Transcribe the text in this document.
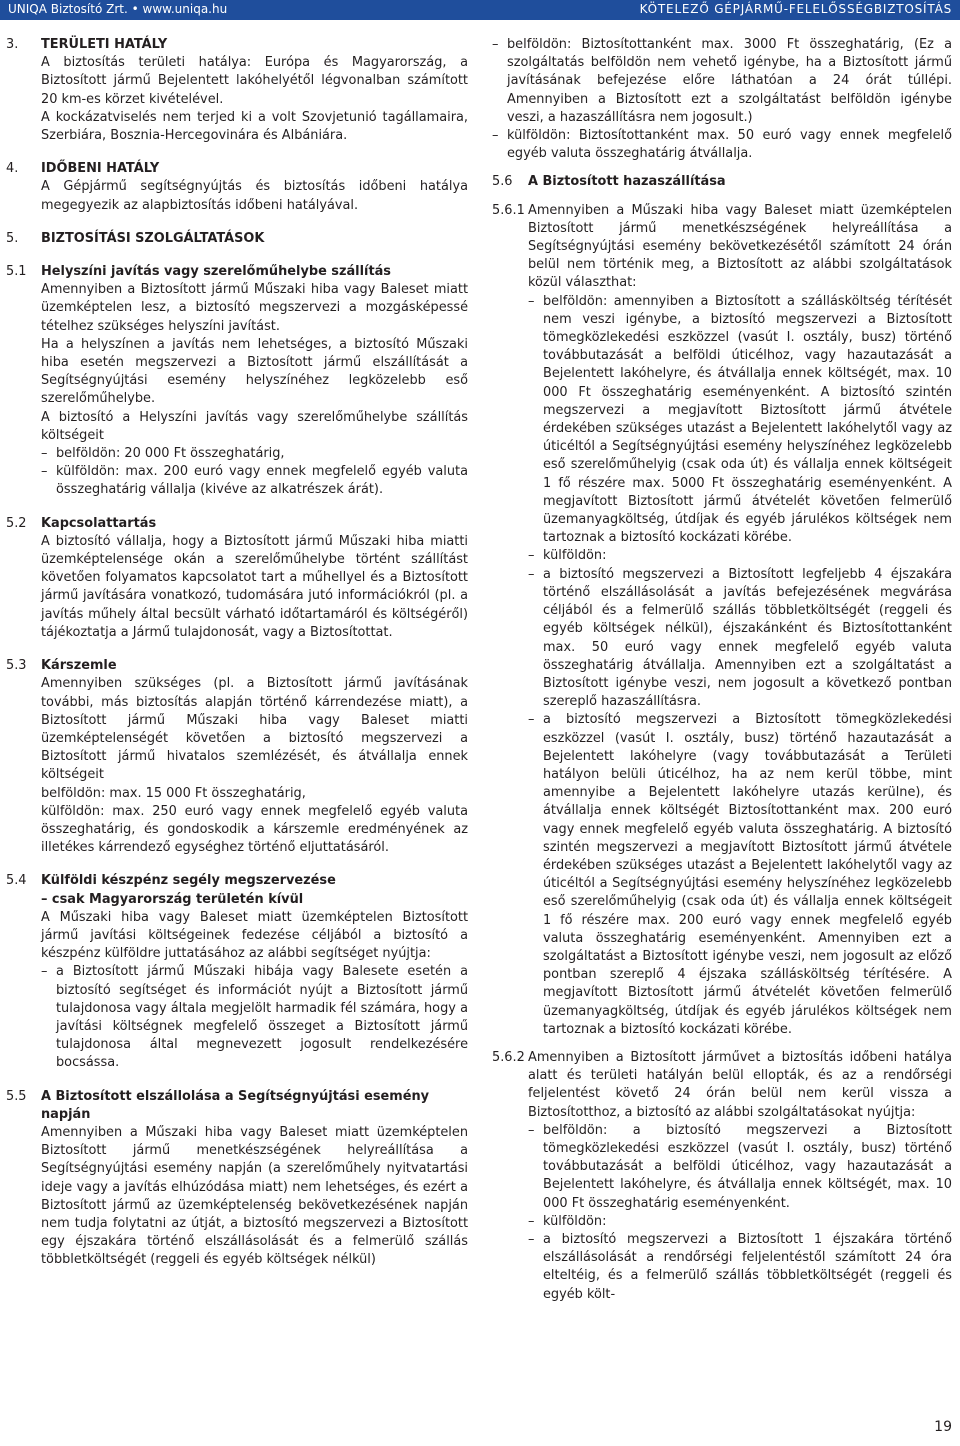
UNIQA Biztosító Zrt. • www.uniqa.hu	KÖTELEZŐ GÉPJÁRMŰ-FELELŐSSÉGBIZTOSÍTÁS
3. TERÜLETI HATÁLY
A biztosítás területi hatálya: Európa és Magyarország, a Biztosított jármű Bejelentett lakóhelyétől légvonalban számított 20 km-es körzet kivételével.
A kockázatviselés nem terjed ki a volt Szovjetunió tagállamaira, Szerbiára, Bosznia-Hercegovinára és Albániára.
4. IDŐBENI HATÁLY
A Gépjármű segítségnyújtás és biztosítás időbeni hatálya megegyezik az alapbiztosítás időbeni hatályával.
5. BIZTOSÍTÁSI SZOLGÁLTATÁSOK
5.1 Helyszíni javítás vagy szerelőműhelybe szállítás
Amennyiben a Biztosított jármű Műszaki hiba vagy Baleset miatt üzemképtelen lesz, a biztosító megszervezi a mozgásképessé tételhez szükséges helyszíni javítást.
Ha a helyszínen a javítás nem lehetséges, a biztosító Műszaki hiba esetén megszervezi a Biztosított jármű elszállítását a Segítségnyújtási esemény helyszínéhez legközelebb eső szerelőműhelybe.
A biztosító a Helyszíni javítás vagy szerelőműhelybe szállítás költségeit
– belföldön: 20 000 Ft összeghatárig,
– külföldön: max. 200 euró vagy ennek megfelelő egyéb valuta összeghatárig vállalja (kivéve az alkatrészek árát).
5.2 Kapcsolattartás
A biztosító vállalja, hogy a Biztosított jármű Műszaki hiba miatti üzemképtelensége okán a szerelőműhelybe történt szállítást követően folyamatos kapcsolatot tart a műhellyel és a Biztosított jármű javítására vonatkozó, tudomására jutó információkról (pl. a javítás műhely által becsült várható időtartamáról és költségéről) tájékoztatja a Jármű tulajdonosát, vagy a Biztosítottat.
5.3 Kárszemle
Amennyiben szükséges (pl. a Biztosított jármű javításának további, más biztosítás alapján történő kárrendezése miatt), a Biztosított jármű Műszaki hiba vagy Baleset miatti üzemképtelenségét követően a biztosító megszervezi a Biztosított jármű hivatalos szemlézését, és átvállalja ennek költségeit
belföldön: max. 15 000 Ft összeghatárig,
külföldön: max. 250 euró vagy ennek megfelelő egyéb valuta összeghatárig, és gondoskodik a kárszemle eredményének az illetékes kárrendező egységhez történő eljuttatásáról.
5.4 Külföldi készpénz segély megszervezése
– csak Magyarország területén kívül
A Műszaki hiba vagy Baleset miatt üzemképtelen Biztosított jármű javítási költségeinek fedezése céljából a biztosító a készpénz külföldre juttatásához az alábbi segítséget nyújtja:
– a Biztosított jármű Műszaki hibája vagy Balesete esetén a biztosító segítséget és információt nyújt a Biztosított jármű tulajdonosa vagy általa megjelölt harmadik fél számára, hogy a javítási költségnek megfelelő összeget a Biztosított jármű tulajdonosa által megnevezett jogosult rendelkezésére bocsássa.
5.5 A Biztosított elszállolása a Segítségnyújtási esemény napján
Amennyiben a Műszaki hiba vagy Baleset miatt üzemképtelen Biztosított jármű menetkészségének helyreállítása a Segítségnyújtási esemény napján (a szerelőműhely nyitvatartási ideje vagy a javítás elhúzódása miatt) nem lehetséges, és ezért a Biztosított jármű az üzemképtelenség bekövetkezésének napján nem tudja folytatni az útját, a biztosító megszervezi a Biztosított egy éjszakára történő elszállásolását és a felmerülő szállás többletköltségét (reggeli és egyéb költségek nélkül)
– belföldön: Biztosítottanként max. 3000 Ft összeghatárig, (Ez a szolgáltatás belföldön nem vehető igénybe, ha a Biztosított jármű javításának befejezése előre láthatóan a 24 órát túllépi. Amennyiben a Biztosított ezt a szolgáltatást belföldön igénybe veszi, a hazaszállításra nem jogosult.)
– külföldön: Biztosítottanként max. 50 euró vagy ennek megfelelő egyéb valuta összeghatárig átvállalja.
5.6 A Biztosított hazaszállítása
5.6.1 Amennyiben a Műszaki hiba vagy Baleset miatt üzemképtelen Biztosított jármű menetkészségének helyreállítása a Segítségnyújtási esemény bekövetkezésétől számított 24 órán belül nem történik meg, a Biztosított az alábbi szolgáltatások közül választhat:
– belföldön: amennyiben a Biztosított a szállásköltség térítését nem veszi igénybe, a biztosító megszervezi a Biztosított tömegközlekedési eszközzel (vasút I. osztály, busz) történő továbbutazását a belföldi úticélhoz, vagy hazautazását a Bejelentett lakóhelyre, és átvállalja ennek költségét, max. 10 000 Ft összeghatárig eseményenként. A biztosító szintén megszervezi a megjavított Biztosított jármű átvétele érdekében szükséges utazást a Bejelentett lakóhelytől vagy az úticéltól a Segítségnyújtási esemény helyszínéhez legközelebb eső szerelőműhelyig (csak oda út) és vállalja ennek költségeit 1 fő részére max. 5000 Ft összeghatárig eseményenként. A megjavított Biztosított jármű átvételét követően felmerülő üzemanyagköltség, útdíjak és egyéb járulékos költségek nem tartoznak a biztosító kockázati körébe.
– külföldön:
– a biztosító megszervezi a Biztosított legfeljebb 4 éjszakára történő elszállásolását a javítás befejezésének megvárása céljából és a felmerülő szállás többletköltségét (reggeli és egyéb költségek nélkül), éjszakánként és Biztosítottanként max. 50 euró vagy ennek megfelelő egyéb valuta összeghatárig átvállalja. Amennyiben ezt a szolgáltatást a Biztosított igénybe veszi, nem jogosult a következő pontban szereplő hazaszállításra.
– a biztosító megszervezi a Biztosított tömegközlekedési eszközzel (vasút I. osztály, busz) történő hazautazását a Bejelentett lakóhelyre (vagy továbbutazását a Területi hatályon belüli úticélhoz, ha az nem kerül többe, mint amennyibe a Bejelentett lakóhelyre utazás kerülne), és átvállalja ennek költségét Biztosítottanként max. 200 euró vagy ennek megfelelő egyéb valuta összeghatárig. A biztosító szintén megszervezi a megjavított Biztosított jármű átvétele érdekében szükséges utazást a Bejelentett lakóhelytől vagy az úticéltól a Segítségnyújtási esemény helyszínéhez legközelebb eső szerelőműhelyig (csak oda út) és vállalja ennek költségeit 1 fő részére max. 200 euró vagy ennek megfelelő egyéb valuta összeghatárig eseményenként. Amennyiben ezt a szolgáltatást a Biztosított igénybe veszi, nem jogosult az előző pontban szereplő 4 éjszaka szállásköltség térítésére. A megjavított Biztosított jármű átvételét követően felmerülő üzemanyagköltség, útdíjak és egyéb járulékos költségek nem tartoznak a biztosító kockázati körébe.
5.6.2 Amennyiben a Biztosított járművet a biztosítás időbeni hatálya alatt és területi hatályán belül ellopták, és az a rendőrségi feljelentést követő 24 órán belül nem kerül vissza a Biztosítotthoz, a biztosító az alábbi szolgáltatásokat nyújtja:
– belföldön: a biztosító megszervezi a Biztosított tömegközlekedési eszközzel (vasút I. osztály, busz) történő továbbutazását a belföldi úticélhoz, vagy hazautazását a Bejelentett lakóhelyre, és átvállalja ennek költségét, max. 10 000 Ft összeghatárig eseményenként.
– külföldön:
– a biztosító megszervezi a Biztosított 1 éjszakára történő elszállásolását a rendőrségi feljelentéstől számított 24 óra elteltéig, és a felmerülő szállás többletköltségét (reggeli és egyéb költ-
19
